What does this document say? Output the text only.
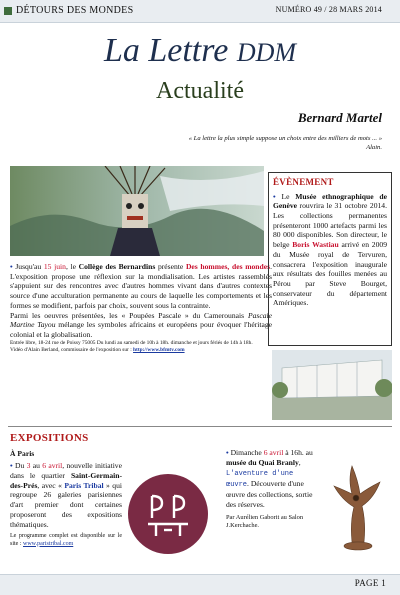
DÉTOURS DES MONDES	NUMÉRO 49 / 28 MARS 2014
La Lettre DDM
Actualité
Bernard Martel
« La lettre la plus simple suppose un choix entre des milliers de mots ... »
Alain.

• Jusqu'au 15 juin, le Collège des Bernardins présente Des hommes, des mondes. L'exposition propose une réflexion sur la mondialisation. Les artistes rassemblés s'appuient sur des rencontres avec d'autres hommes vivant dans d'autres contextes source d'une acculturation permanente au cours de laquelle les comportements et les formes se modifient, parfois par choix, souvent sous la contrainte.

Parmi les oeuvres présentées, les « Poupées Pascale » du Camerounais Pascale Martine Tayou mélange les symboles africains et européens pour évoquer l'héritage colonial et la globalisation.

Entrée libre, 18-24 rue de Poissy 75005 Du lundi au samedi de 10h à 18h. dimanche et jours fériés de 14h à 18h.

Vidéo d'Alain Berland, commissaire de l'exposition sur : http://www.bfmtv.com

ÉVÈNEMENT
• Le Musée ethnographique de Genève rouvrira le 31 octobre 2014. Les collections permanentes présenteront 1000 artefacts parmi les 80 000 disponibles. Son directeur, le belge Boris Wastiau arrivé en 2009 du Musée royal de Tervuren, consacrera l'exposition inaugurale aux résultats des fouilles menées au Pérou par Steve Bourget, conservateur du département Amériques.
EXPOSITIONS

À Paris

• Du 3 au 6 avril, nouvelle initiative dans le quartier Saint-Germain-des-Prés, avec « Paris Tribal » qui regroupe 26 galeries parisiennes d'art premier dont certaines proposeront des expositions thématiques.

Le programme complet est disponible sur le site : www.paristribal.com

• Dimanche 6 avril à 16h. au musée du Quai Branly, L'aventure d'une œuvre. Découverte d'une œuvre des collections, sortie des réserves.

Par Aurélien Gaborit au Salon J.Kerchache.

PAGE 1
